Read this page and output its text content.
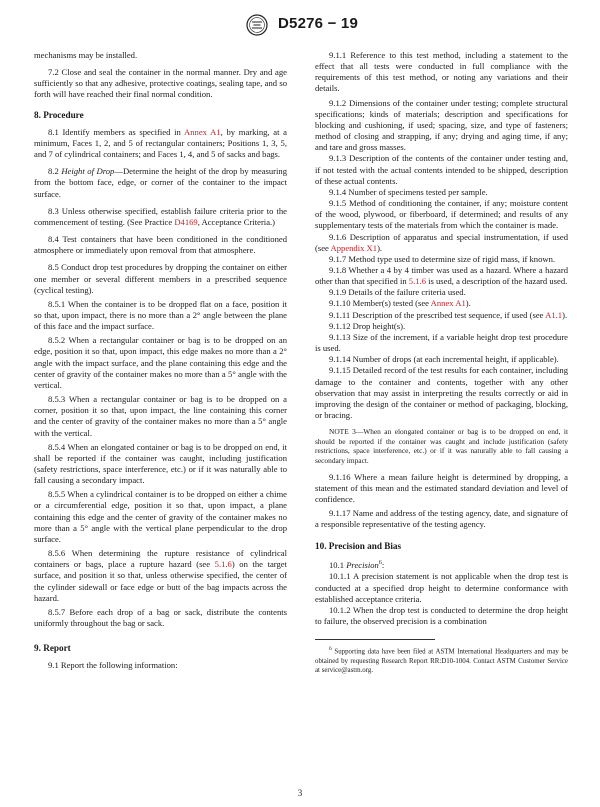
D5276 − 19

mechanisms may be installed.

7.2 Close and seal the container in the normal manner. Dry and age sufficiently so that any adhesive, protective coatings, sealing tape, and so forth will have reached their final normal condition.

8. Procedure

8.1 Identify members as specified in Annex A1, by marking, at a minimum, Faces 1, 2, and 5 of rectangular containers; Positions 1, 3, 5, and 7 of cylindrical containers; and Faces 1, 4, and 5 of sacks and bags.

8.2 Height of Drop—Determine the height of the drop by measuring from the bottom face, edge, or corner of the container to the impact surface.

8.3 Unless otherwise specified, establish failure criteria prior to the commencement of testing. (See Practice D4169, Acceptance Criteria.)

8.4 Test containers that have been conditioned in the conditioned atmosphere or immediately upon removal from that atmosphere.

8.5 Conduct drop test procedures by dropping the container on either one member or several different members in a prescribed sequence (cyclical testing).

8.5.1 When the container is to be dropped flat on a face, position it so that, upon impact, there is no more than a 2° angle between the plane of this face and the impact surface.

8.5.2 When a rectangular container or bag is to be dropped on an edge, position it so that, upon impact, this edge makes no more than a 2° angle with the impact surface, and the plane containing this edge and the center of gravity of the container makes no more than a 5° angle with the vertical.

8.5.3 When a rectangular container or bag is to be dropped on a corner, position it so that, upon impact, the line containing this corner and the center of gravity of the container makes no more than a 5° angle with the vertical.

8.5.4 When an elongated container or bag is to be dropped on end, it shall be reported if the container was caught, including justification (safety restrictions, space interference, etc.) or if it was naturally able to fall causing a secondary impact.

8.5.5 When a cylindrical container is to be dropped on either a chime or a circumferential edge, position it so that, upon impact, a plane containing this edge and the center of gravity of the container makes no more than a 5° angle with the vertical plane perpendicular to the drop surface.

8.5.6 When determining the rupture resistance of cylindrical containers or bags, place a rupture hazard (see 5.1.6) on the target surface, and position it so that, unless otherwise specified, the center of the cylinder sidewall or face edge or butt of the bag impacts across the hazard.

8.5.7 Before each drop of a bag or sack, distribute the contents uniformly throughout the bag or sack.

9. Report

9.1 Report the following information:

9.1.1 Reference to this test method, including a statement to the effect that all tests were conducted in full compliance with the requirements of this test method, or noting any variations and their details.

9.1.2 Dimensions of the container under testing; complete structural specifications; kinds of materials; description and specifications for blocking and cushioning, if used; spacing, size, and type of fasteners; method of closing and strapping, if any; drying and aging time, if any; and tare and gross masses.

9.1.3 Description of the contents of the container under testing and, if not tested with the actual contents intended to be shipped, description of these actual contents.

9.1.4 Number of specimens tested per sample.

9.1.5 Method of conditioning the container, if any; moisture content of the wood, plywood, or fiberboard, if determined; and results of any supplementary tests of the materials from which the container is made.

9.1.6 Description of apparatus and special instrumentation, if used (see Appendix X1).

9.1.7 Method type used to determine size of rigid mass, if known.

9.1.8 Whether a 4 by 4 timber was used as a hazard. Where a hazard other than that specified in 5.1.6 is used, a description of the hazard used.

9.1.9 Details of the failure criteria used.

9.1.10 Member(s) tested (see Annex A1).

9.1.11 Description of the prescribed test sequence, if used (see A1.1).

9.1.12 Drop height(s).

9.1.13 Size of the increment, if a variable height drop test procedure is used.

9.1.14 Number of drops (at each incremental height, if applicable).

9.1.15 Detailed record of the test results for each container, including damage to the container and contents, together with any other observation that may assist in interpreting the results correctly or aid in improving the design of the container or method of packaging, blocking, or bracing.

NOTE 3—When an elongated container or bag is to be dropped on end, it should be reported if the container was caught and include justification (safety restrictions, space interference, etc.) or if it was naturally able to fall causing a secondary impact.

9.1.16 Where a mean failure height is determined by dropping, a statement of this mean and the estimated standard deviation and level of confidence.

9.1.17 Name and address of the testing agency, date, and signature of a responsible representative of the testing agency.

10. Precision and Bias

10.1 Precision$^6$:

10.1.1 A precision statement is not applicable when the drop test is conducted at a specified drop height to determine conformance with established acceptance criteria.

10.1.2 When the drop test is conducted to determine the drop height to failure, the observed precision is a combination

$^6$ Supporting data have been filed at ASTM International Headquarters and may be obtained by requesting Research Report RR:D10-1004. Contact ASTM Customer Service at service@astm.org.

3
